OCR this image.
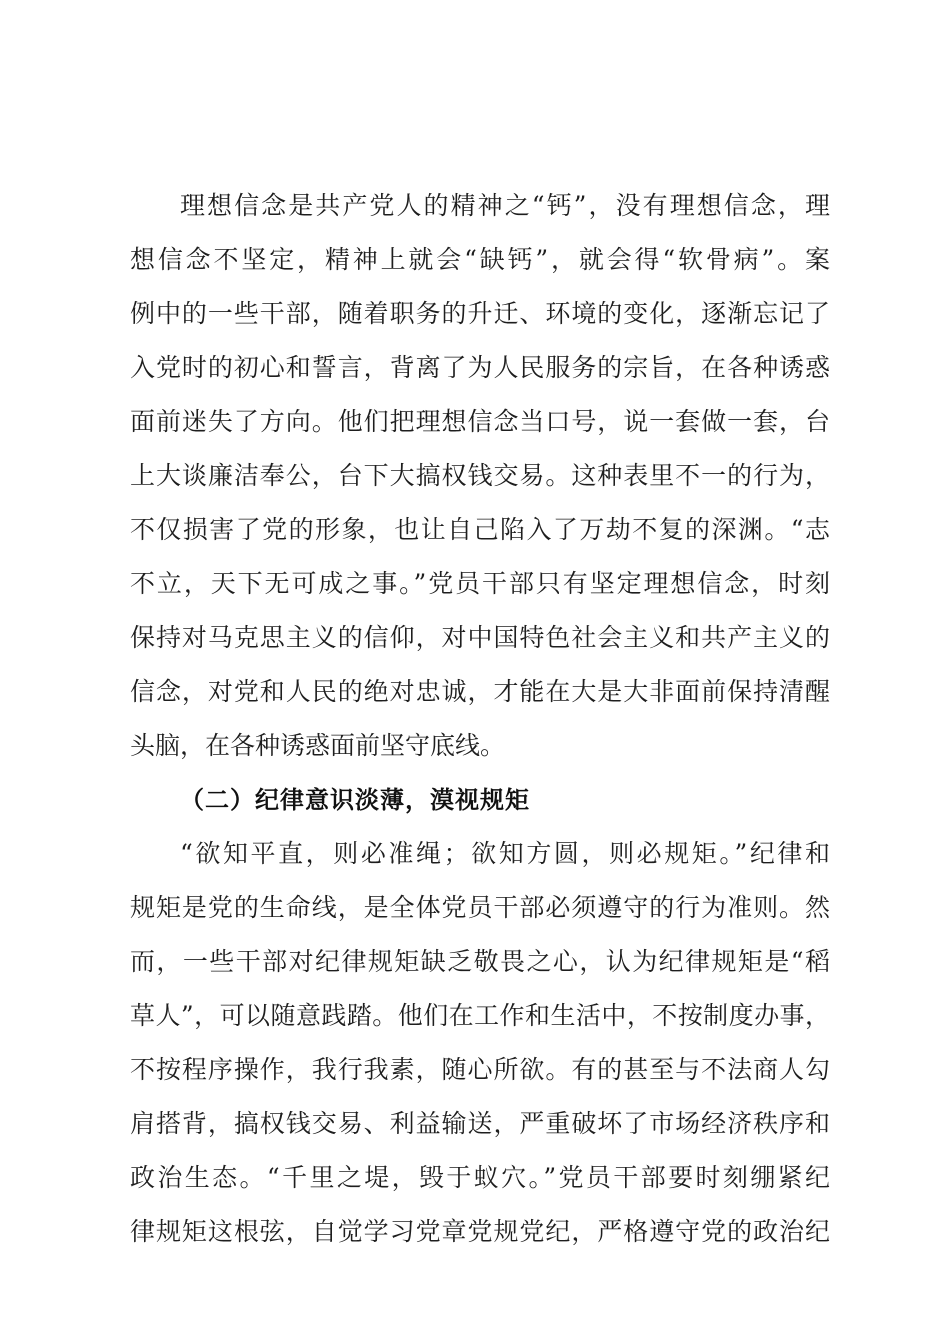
理想信念是共产党人的精神之“钙”，没有理想信念，理

想信念不坚定，精神上就会“缺钙”，就会得“软骨病”。案

例中的一些干部，随着职务的升迁、环境的变化，逐渐忘记了

入党时的初心和誓言，背离了为人民服务的宗旨，在各种诱惑

面前迷失了方向。他们把理想信念当口号，说一套做一套，台

上大谈廉洁奉公，台下大搞权钱交易。这种表里不一的行为，

不仅损害了党的形象，也让自己陷入了万劫不复的深渊。“志

不立，天下无可成之事。”党员干部只有坚定理想信念，时刻

保持对马克思主义的信仰，对中国特色社会主义和共产主义的

信念，对党和人民的绝对忠诚，才能在大是大非面前保持清醒

头脑，在各种诱惑面前坚守底线。

（二）纪律意识淡薄，漠视规矩

“欲知平直，则必准绳；欲知方圆，则必规矩。”纪律和

规矩是党的生命线，是全体党员干部必须遵守的行为准则。然

而，一些干部对纪律规矩缺乏敬畏之心，认为纪律规矩是“稻

草人”，可以随意践踏。他们在工作和生活中，不按制度办事，

不按程序操作，我行我素，随心所欲。有的甚至与不法商人勾

肩搭背，搞权钱交易、利益输送，严重破坏了市场经济秩序和

政治生态。“千里之堤，毁于蚁穴。”党员干部要时刻绷紧纪

律规矩这根弦，自觉学习党章党规党纪，严格遵守党的政治纪
